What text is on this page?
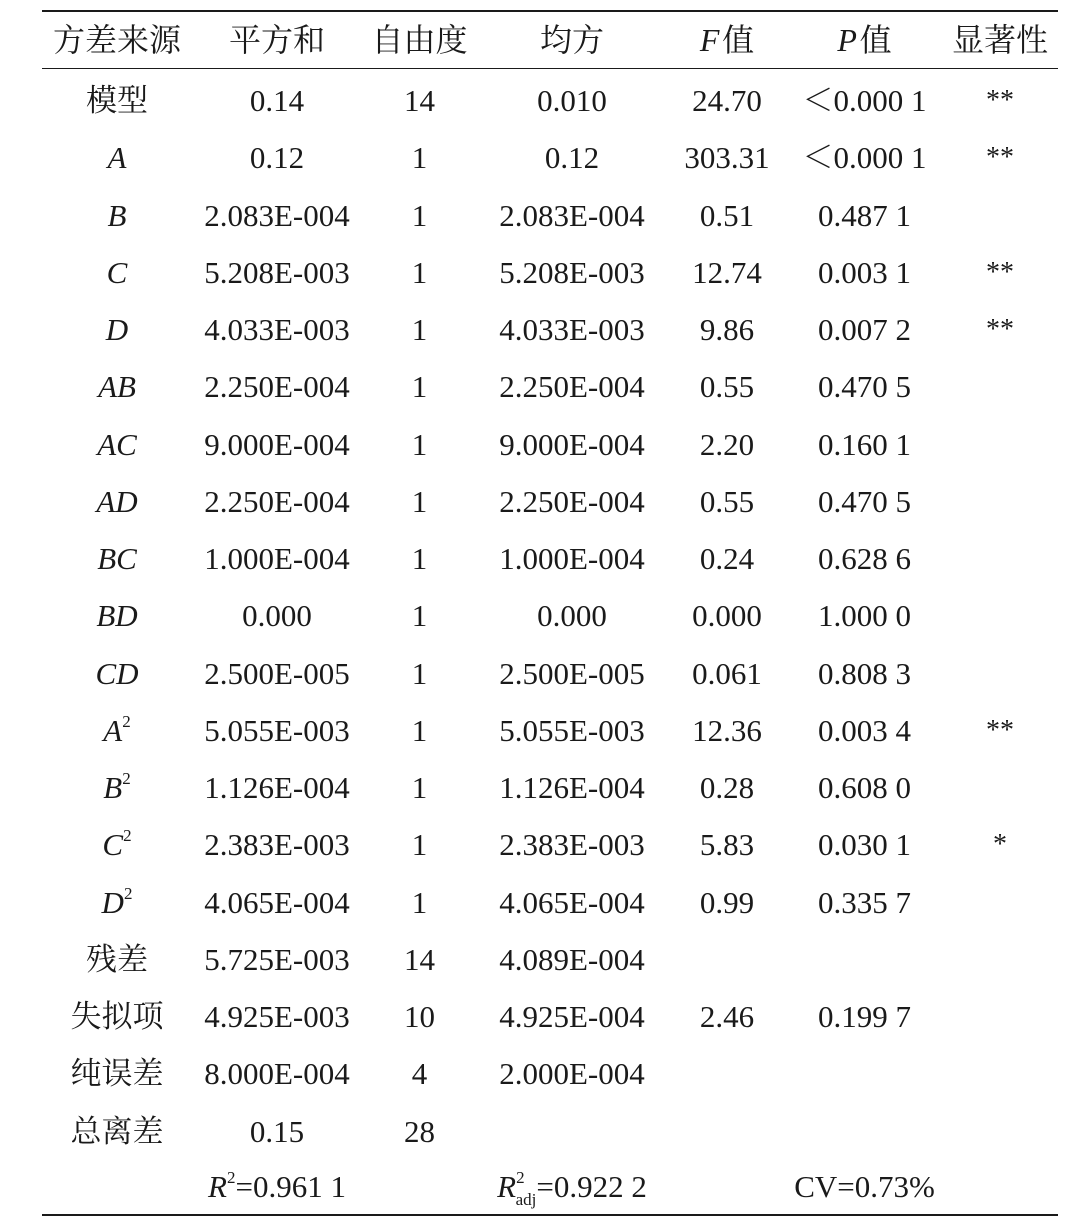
方差来源	平方和	自由度	均方	F 值	P 值	显著性
模型	0.14	14	0.010	24.70	＜0.000 1	**
A	0.12	1	0.12	303.31	＜0.000 1	**
B	2.083E-004	1	2.083E-004	0.51	0.487 1
C	5.208E-003	1	5.208E-003	12.74	0.003 1	**
D	4.033E-003	1	4.033E-003	9.86	0.007 2	**
AB	2.250E-004	1	2.250E-004	0.55	0.470 5
AC	9.000E-004	1	9.000E-004	2.20	0.160 1
AD	2.250E-004	1	2.250E-004	0.55	0.470 5
BC	1.000E-004	1	1.000E-004	0.24	0.628 6
BD	0.000	1	0.000	0.000	1.000 0
CD	2.500E-005	1	2.500E-005	0.061	0.808 3
$A^2$	5.055E-003	1	5.055E-003	12.36	0.003 4	**
$B^2$	1.126E-004	1	1.126E-004	0.28	0.608 0
$C^2$	2.383E-003	1	2.383E-003	5.83	0.030 1	*
$D^2$	4.065E-004	1	4.065E-004	0.99	0.335 7
残差	5.725E-003	14	4.089E-004
失拟项	4.925E-003	10	4.925E-004	2.46	0.199 7
纯误差	8.000E-004	4	2.000E-004
总离差	0.15	28
$R^2=0.961$ 1	$R^2_{adj}=0.922$ 2	CV=0.73%
